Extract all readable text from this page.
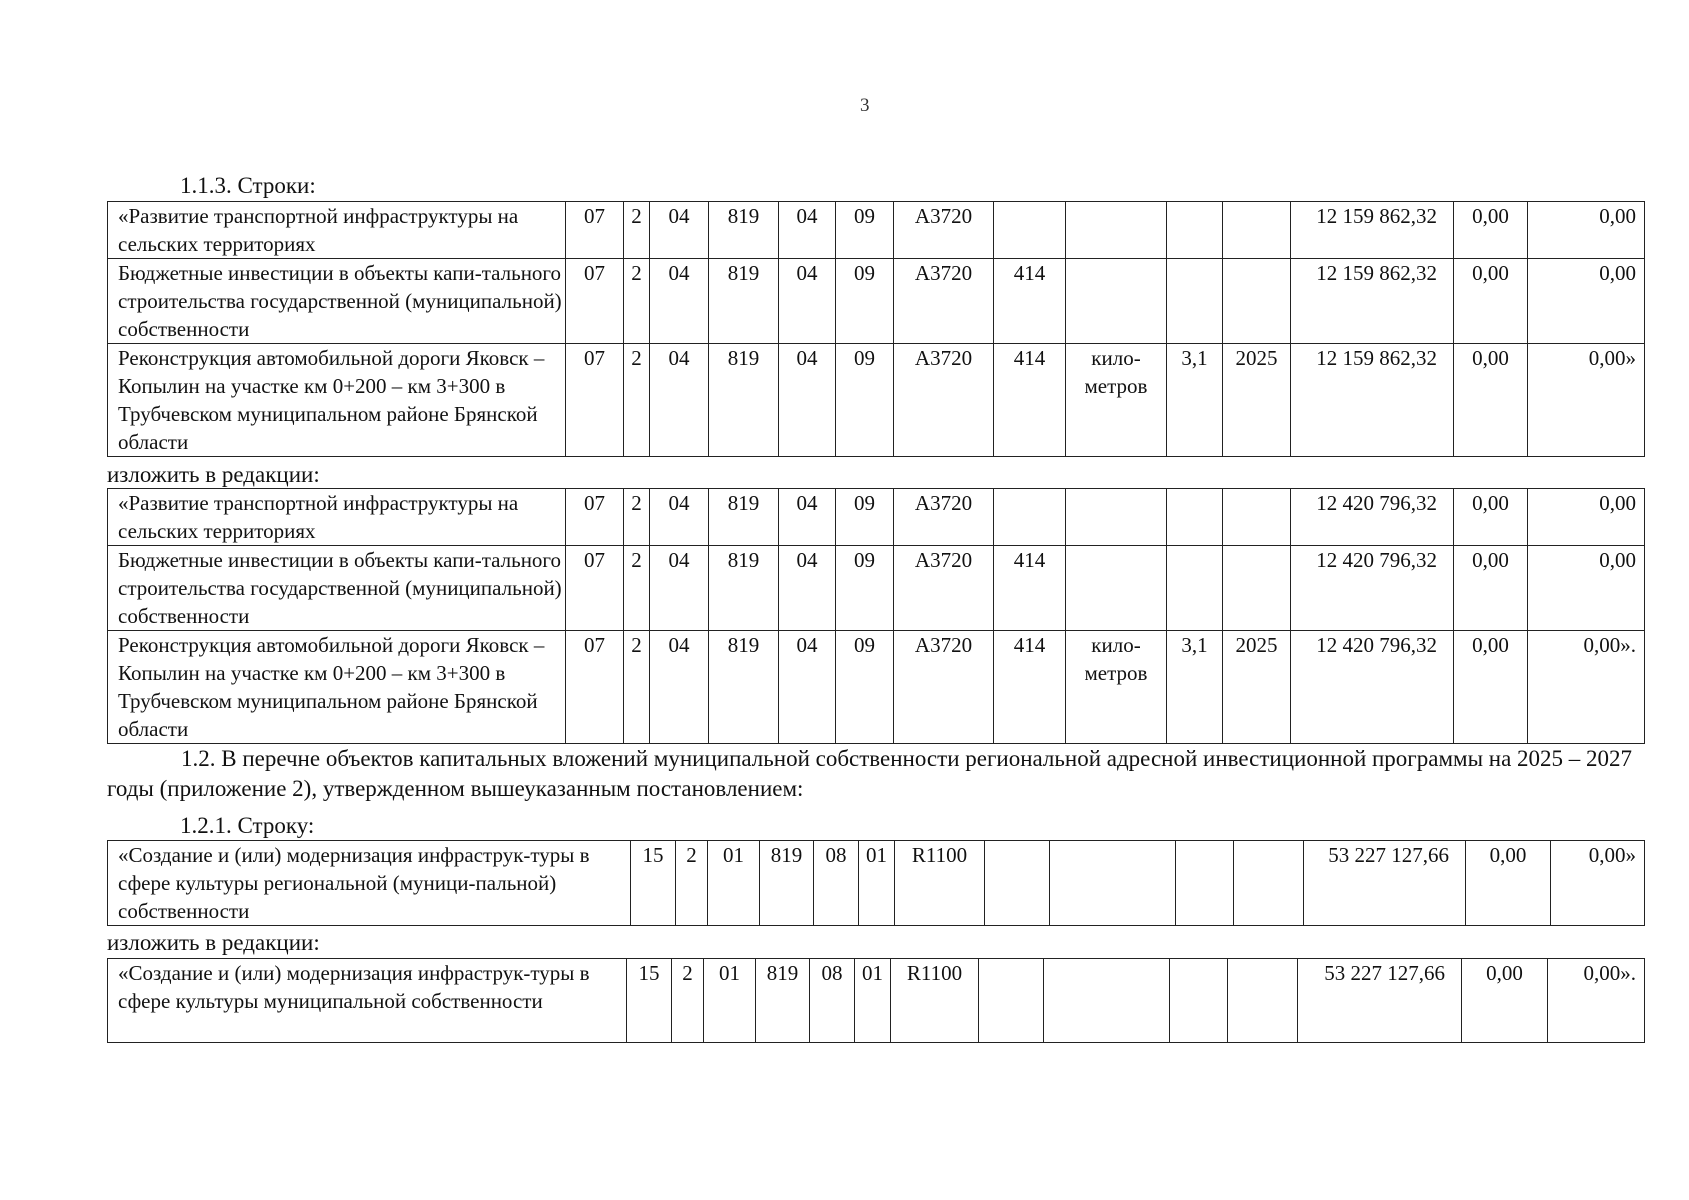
3
1.1.3. Строки:
«Развитие транспортной инфраструктуры на сельских территориях	07	2	04	819	04	09	А3720					12 159 862,32	0,00	0,00
Бюджетные инвестиции в объекты капи-тального строительства государственной (муниципальной) собственности	07	2	04	819	04	09	А3720	414				12 159 862,32	0,00	0,00
Реконструкция автомобильной дороги Яковск – Копылин на участке км 0+200 – км 3+300 в Трубчевском муниципальном районе Брянской области	07	2	04	819	04	09	А3720	414	кило-метров	3,1	2025	12 159 862,32	0,00	0,00»
изложить в редакции:
«Развитие транспортной инфраструктуры на сельских территориях	07	2	04	819	04	09	А3720					12 420 796,32	0,00	0,00
Бюджетные инвестиции в объекты капи-тального строительства государственной (муниципальной) собственности	07	2	04	819	04	09	А3720	414				12 420 796,32	0,00	0,00
Реконструкция автомобильной дороги Яковск – Копылин на участке км 0+200 – км 3+300 в Трубчевском муниципальном районе Брянской области	07	2	04	819	04	09	А3720	414	кило-метров	3,1	2025	12 420 796,32	0,00	0,00».
1.2. В перечне объектов капитальных вложений муниципальной собственности региональной адресной инвестиционной программы на 2025 – 2027 годы (приложение 2), утвержденном вышеуказанным постановлением:
1.2.1. Строку:
«Создание и (или) модернизация инфраструк-туры в сфере культуры региональной (муници-пальной) собственности	15	2	01	819	08	01	R1100					53 227 127,66	0,00	0,00»
изложить в редакции:
«Создание и (или) модернизация инфраструк-туры в сфере культуры муниципальной собственности	15	2	01	819	08	01	R1100					53 227 127,66	0,00	0,00».
